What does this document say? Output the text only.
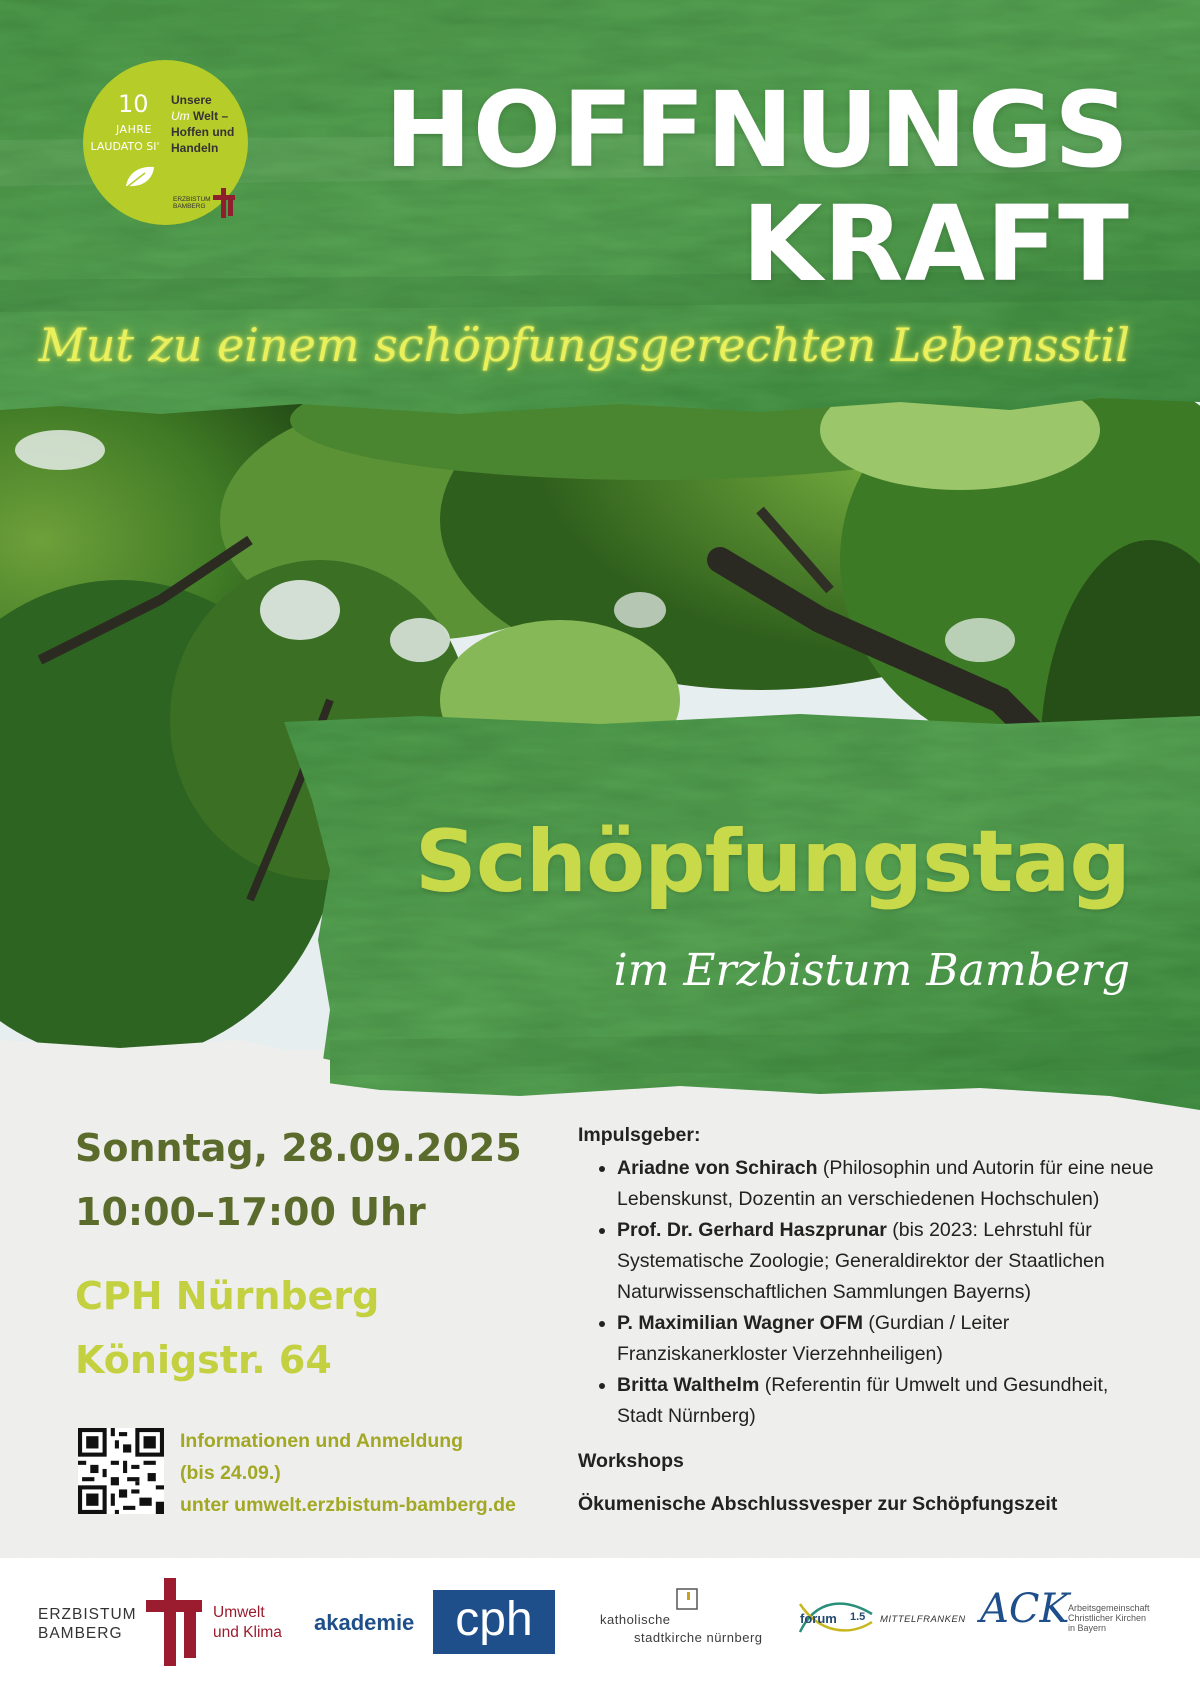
10
JAHRE
LAUDATO SI'
Unsere
Um Welt –
Hoffen und
Handeln
ERZBISTUM
BAMBERG
HOFFNUNGS
KRAFT
Mut zu einem schöpfungsgerechten Lebensstil
Schöpfungstag
im Erzbistum Bamberg
Sonntag, 28.09.2025
10:00–17:00 Uhr
CPH Nürnberg
Königstr. 64
Informationen und Anmeldung
(bis 24.09.)
unter umwelt.erzbistum-bamberg.de
Impulsgeber:
• Ariadne von Schirach (Philosophin und Autorin für eine neue Lebenskunst, Dozentin an verschiedenen Hochschulen)
• Prof. Dr. Gerhard Haszprunar (bis 2023: Lehrstuhl für Systematische Zoologie; Generaldirektor der Staatlichen Naturwissenschaftlichen Sammlungen Bayerns)
• P. Maximilian Wagner OFM (Gurdian / Leiter Franziskanerkloster Vierzehnheiligen)
• Britta Walthelm (Referentin für Umwelt und Gesundheit, Stadt Nürnberg)
Workshops
Ökumenische Abschlussvesper zur Schöpfungszeit
ERZBISTUM
BAMBERG
Umwelt
und Klima akademie cph	katholische
stadtkirche nürnberg
forum 1.5 MITTELFRANKEN ACK
Arbeitsgemeinschaft
Christlicher Kirchen
in Bayern
